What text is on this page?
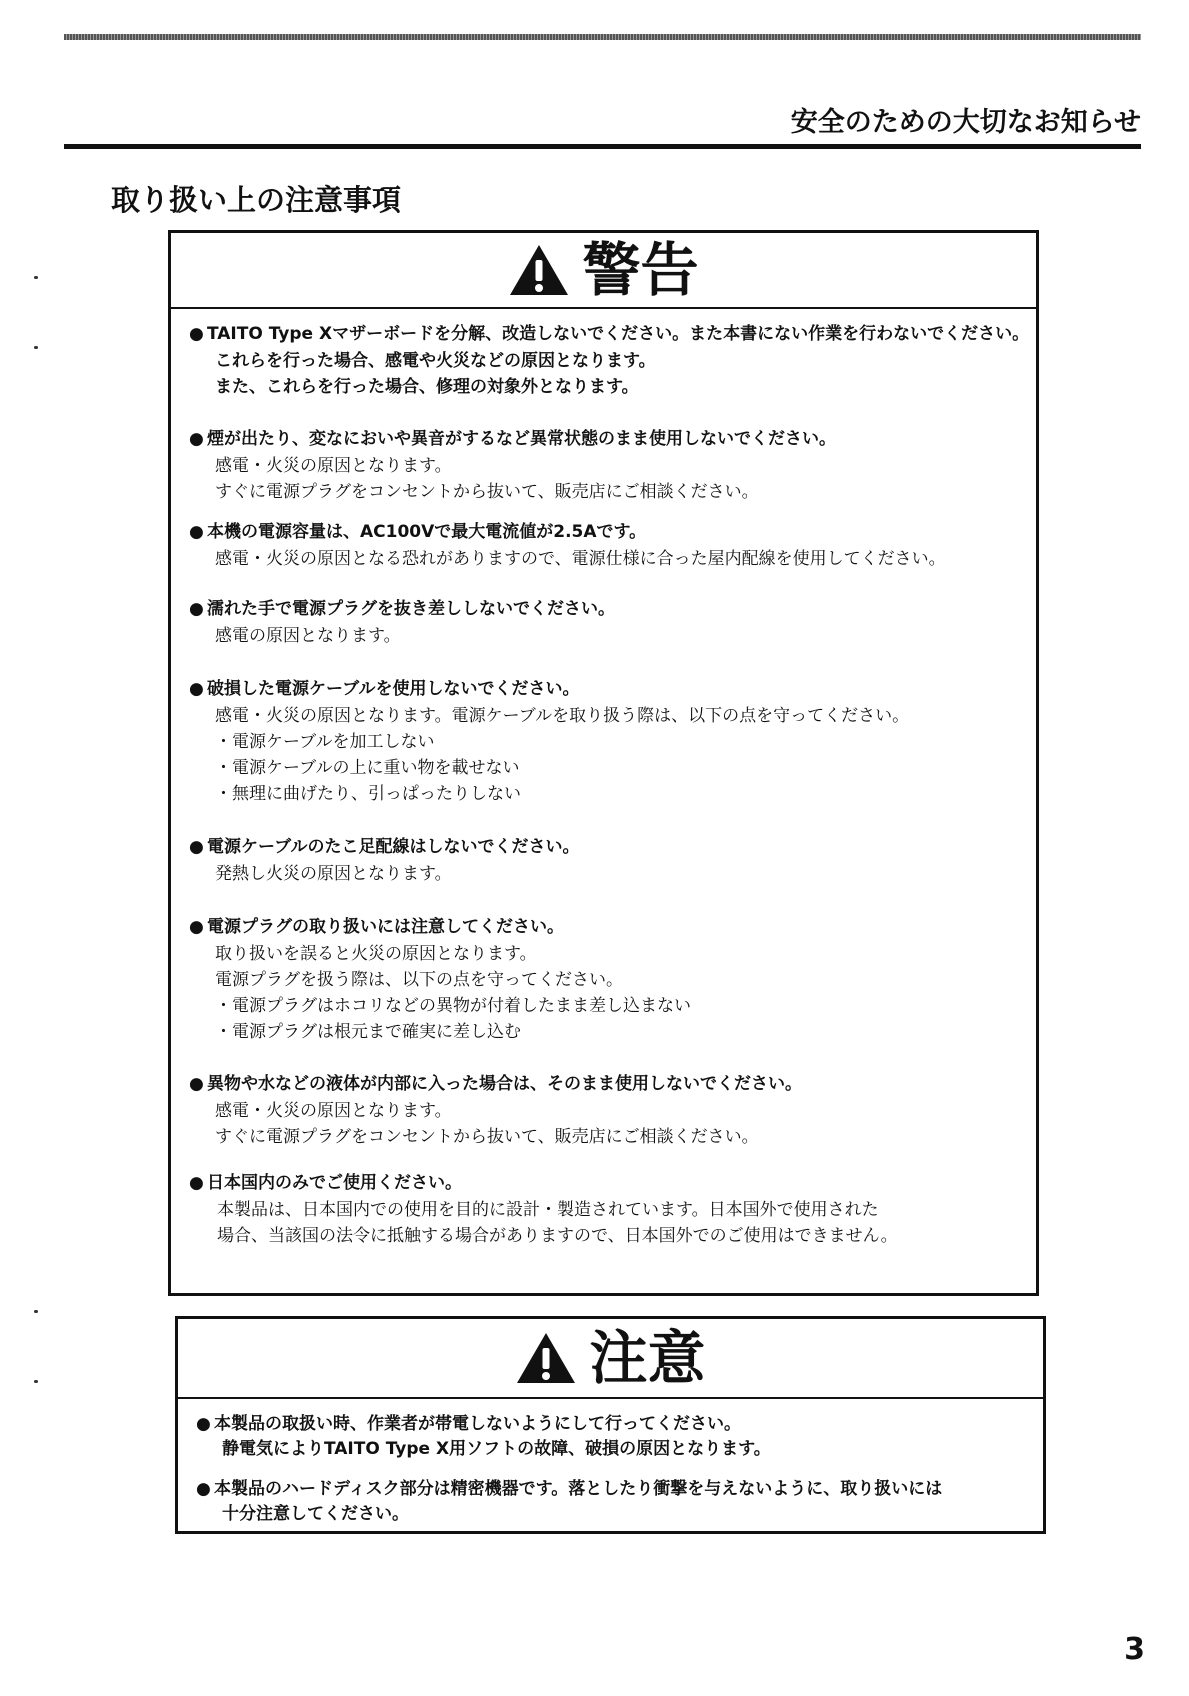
安全のための大切なお知らせ
取り扱い上の注意事項
警告
● TAITO Type Xマザーボードを分解、改造しないでください。また本書にない作業を行わないでください。
これらを行った場合、感電や火災などの原因となります。
また、これらを行った場合、修理の対象外となります。
● 煙が出たり、変なにおいや異音がするなど異常状態のまま使用しないでください。
感電・火災の原因となります。
すぐに電源プラグをコンセントから抜いて、販売店にご相談ください。
● 本機の電源容量は、AC100Vで最大電流値が2.5Aです。
感電・火災の原因となる恐れがありますので、電源仕様に合った屋内配線を使用してください。
● 濡れた手で電源プラグを抜き差ししないでください。
感電の原因となります。
● 破損した電源ケーブルを使用しないでください。
感電・火災の原因となります。電源ケーブルを取り扱う際は、以下の点を守ってください。
・電源ケーブルを加工しない
・電源ケーブルの上に重い物を載せない
・無理に曲げたり、引っぱったりしない
● 電源ケーブルのたこ足配線はしないでください。
発熱し火災の原因となります。
● 電源プラグの取り扱いには注意してください。
取り扱いを誤ると火災の原因となります。
電源プラグを扱う際は、以下の点を守ってください。
・電源プラグはホコリなどの異物が付着したまま差し込まない
・電源プラグは根元まで確実に差し込む
● 異物や水などの液体が内部に入った場合は、そのまま使用しないでください。
感電・火災の原因となります。
すぐに電源プラグをコンセントから抜いて、販売店にご相談ください。
● 日本国内のみでご使用ください。
本製品は、日本国内での使用を目的に設計・製造されています。日本国外で使用された
場合、当該国の法令に抵触する場合がありますので、日本国外でのご使用はできません。
注意
● 本製品の取扱い時、作業者が帯電しないようにして行ってください。
静電気によりTAITO Type X用ソフトの故障、破損の原因となります。
● 本製品のハードディスク部分は精密機器です。落としたり衝撃を与えないように、取り扱いには
十分注意してください。
3
